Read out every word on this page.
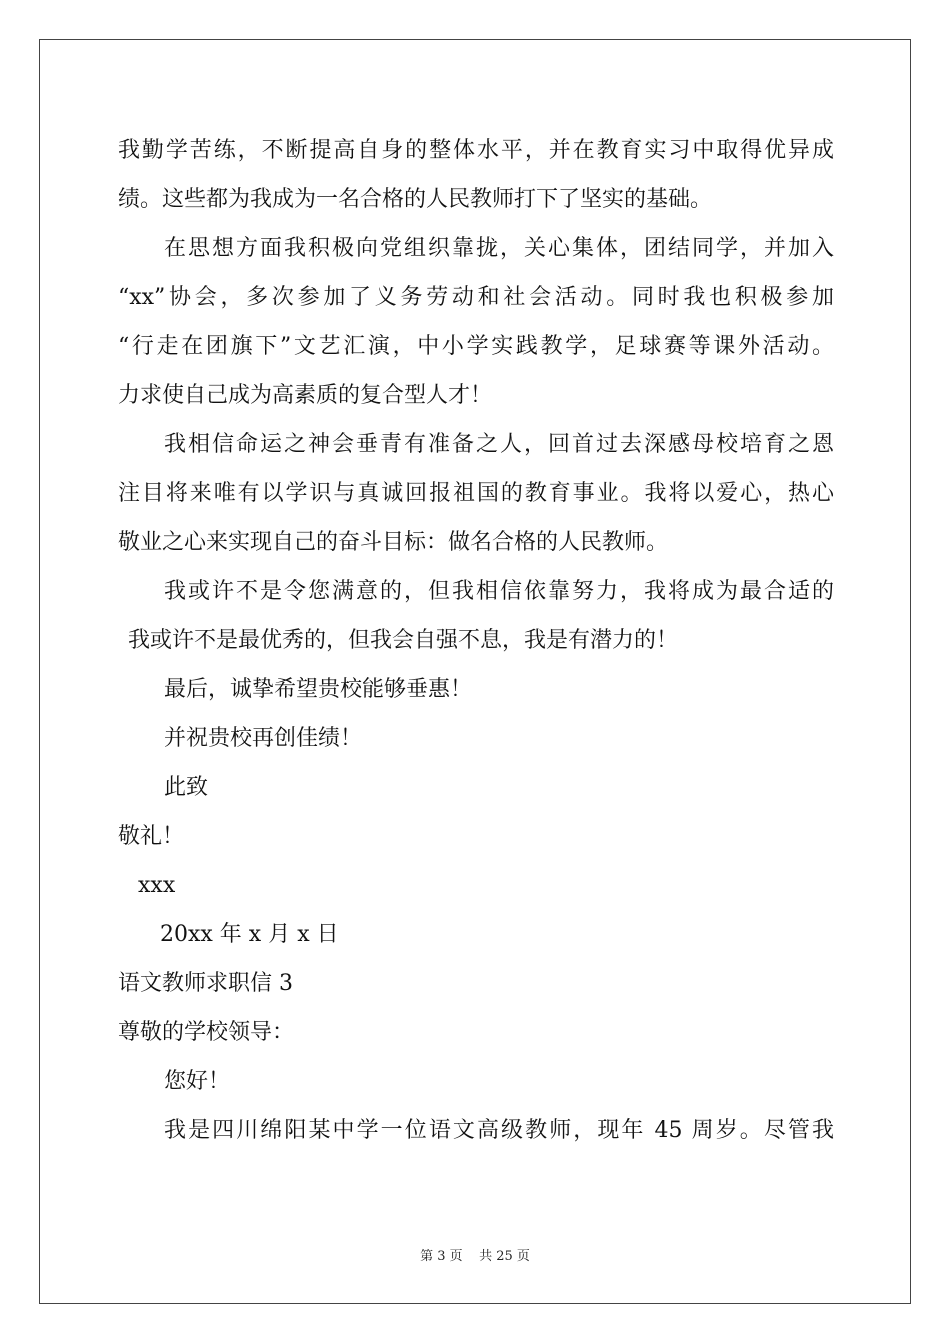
我勤学苦练，不断提高自身的整体水平，并在教育实习中取得优异成
绩。这些都为我成为一名合格的人民教师打下了坚实的基础。
在思想方面我积极向党组织靠拢，关心集体，团结同学，并加入
“xx”协会，多次参加了义务劳动和社会活动。同时我也积极参加
“行走在团旗下”文艺汇演，中小学实践教学，足球赛等课外活动。
力求使自己成为高素质的复合型人才！
我相信命运之神会垂青有准备之人，回首过去深感母校培育之恩
注目将来唯有以学识与真诚回报祖国的教育事业。我将以爱心，热心
敬业之心来实现自己的奋斗目标：做名合格的人民教师。
我或许不是令您满意的，但我相信依靠努力，我将成为最合适的
我或许不是最优秀的，但我会自强不息，我是有潜力的！
最后，诚挚希望贵校能够垂惠！
并祝贵校再创佳绩！
此致
敬礼！
xxx
20xx 年 x 月 x 日
语文教师求职信 3
尊敬的学校领导：
您好！
我是四川绵阳某中学一位语文高级教师，现年 45 周岁。尽管我
第 3 页    共 25 页
